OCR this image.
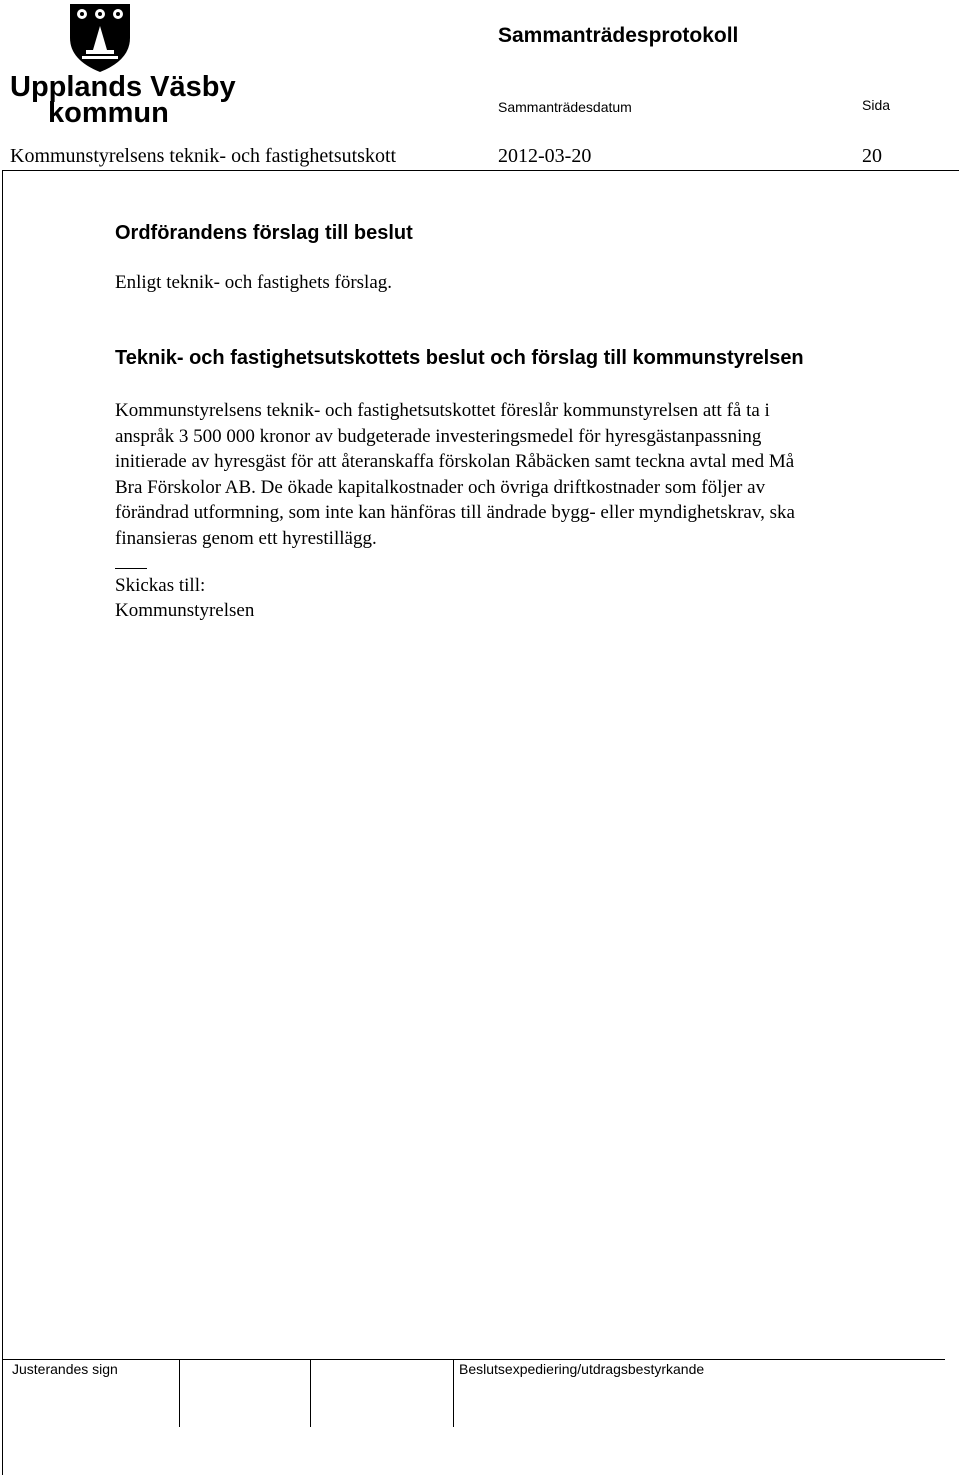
Upplands Väsby
kommun
Sammanträdesprotokoll
Sammanträdesdatum	Sida
Kommunstyrelsens teknik- och fastighetsutskott	2012-03-20	20
Ordförandens förslag till beslut
Enligt teknik- och fastighets förslag.
Teknik- och fastighetsutskottets beslut och förslag till kommunstyrelsen
Kommunstyrelsens teknik- och fastighetsutskottet föreslår kommunstyrelsen att få ta i
anspråk 3 500 000 kronor av budgeterade investeringsmedel för hyresgästanpassning
initierade av hyresgäst för att återanskaffa förskolan Råbäcken samt teckna avtal med Må
Bra Förskolor AB. De ökade kapitalkostnader och övriga driftkostnader som följer av
förändrad utformning, som inte kan hänföras till ändrade bygg- eller myndighetskrav, ska
finansieras genom ett hyrestillägg.
Skickas till:
Kommunstyrelsen
Justerandes sign	Beslutsexpediering/utdragsbestyrkande
